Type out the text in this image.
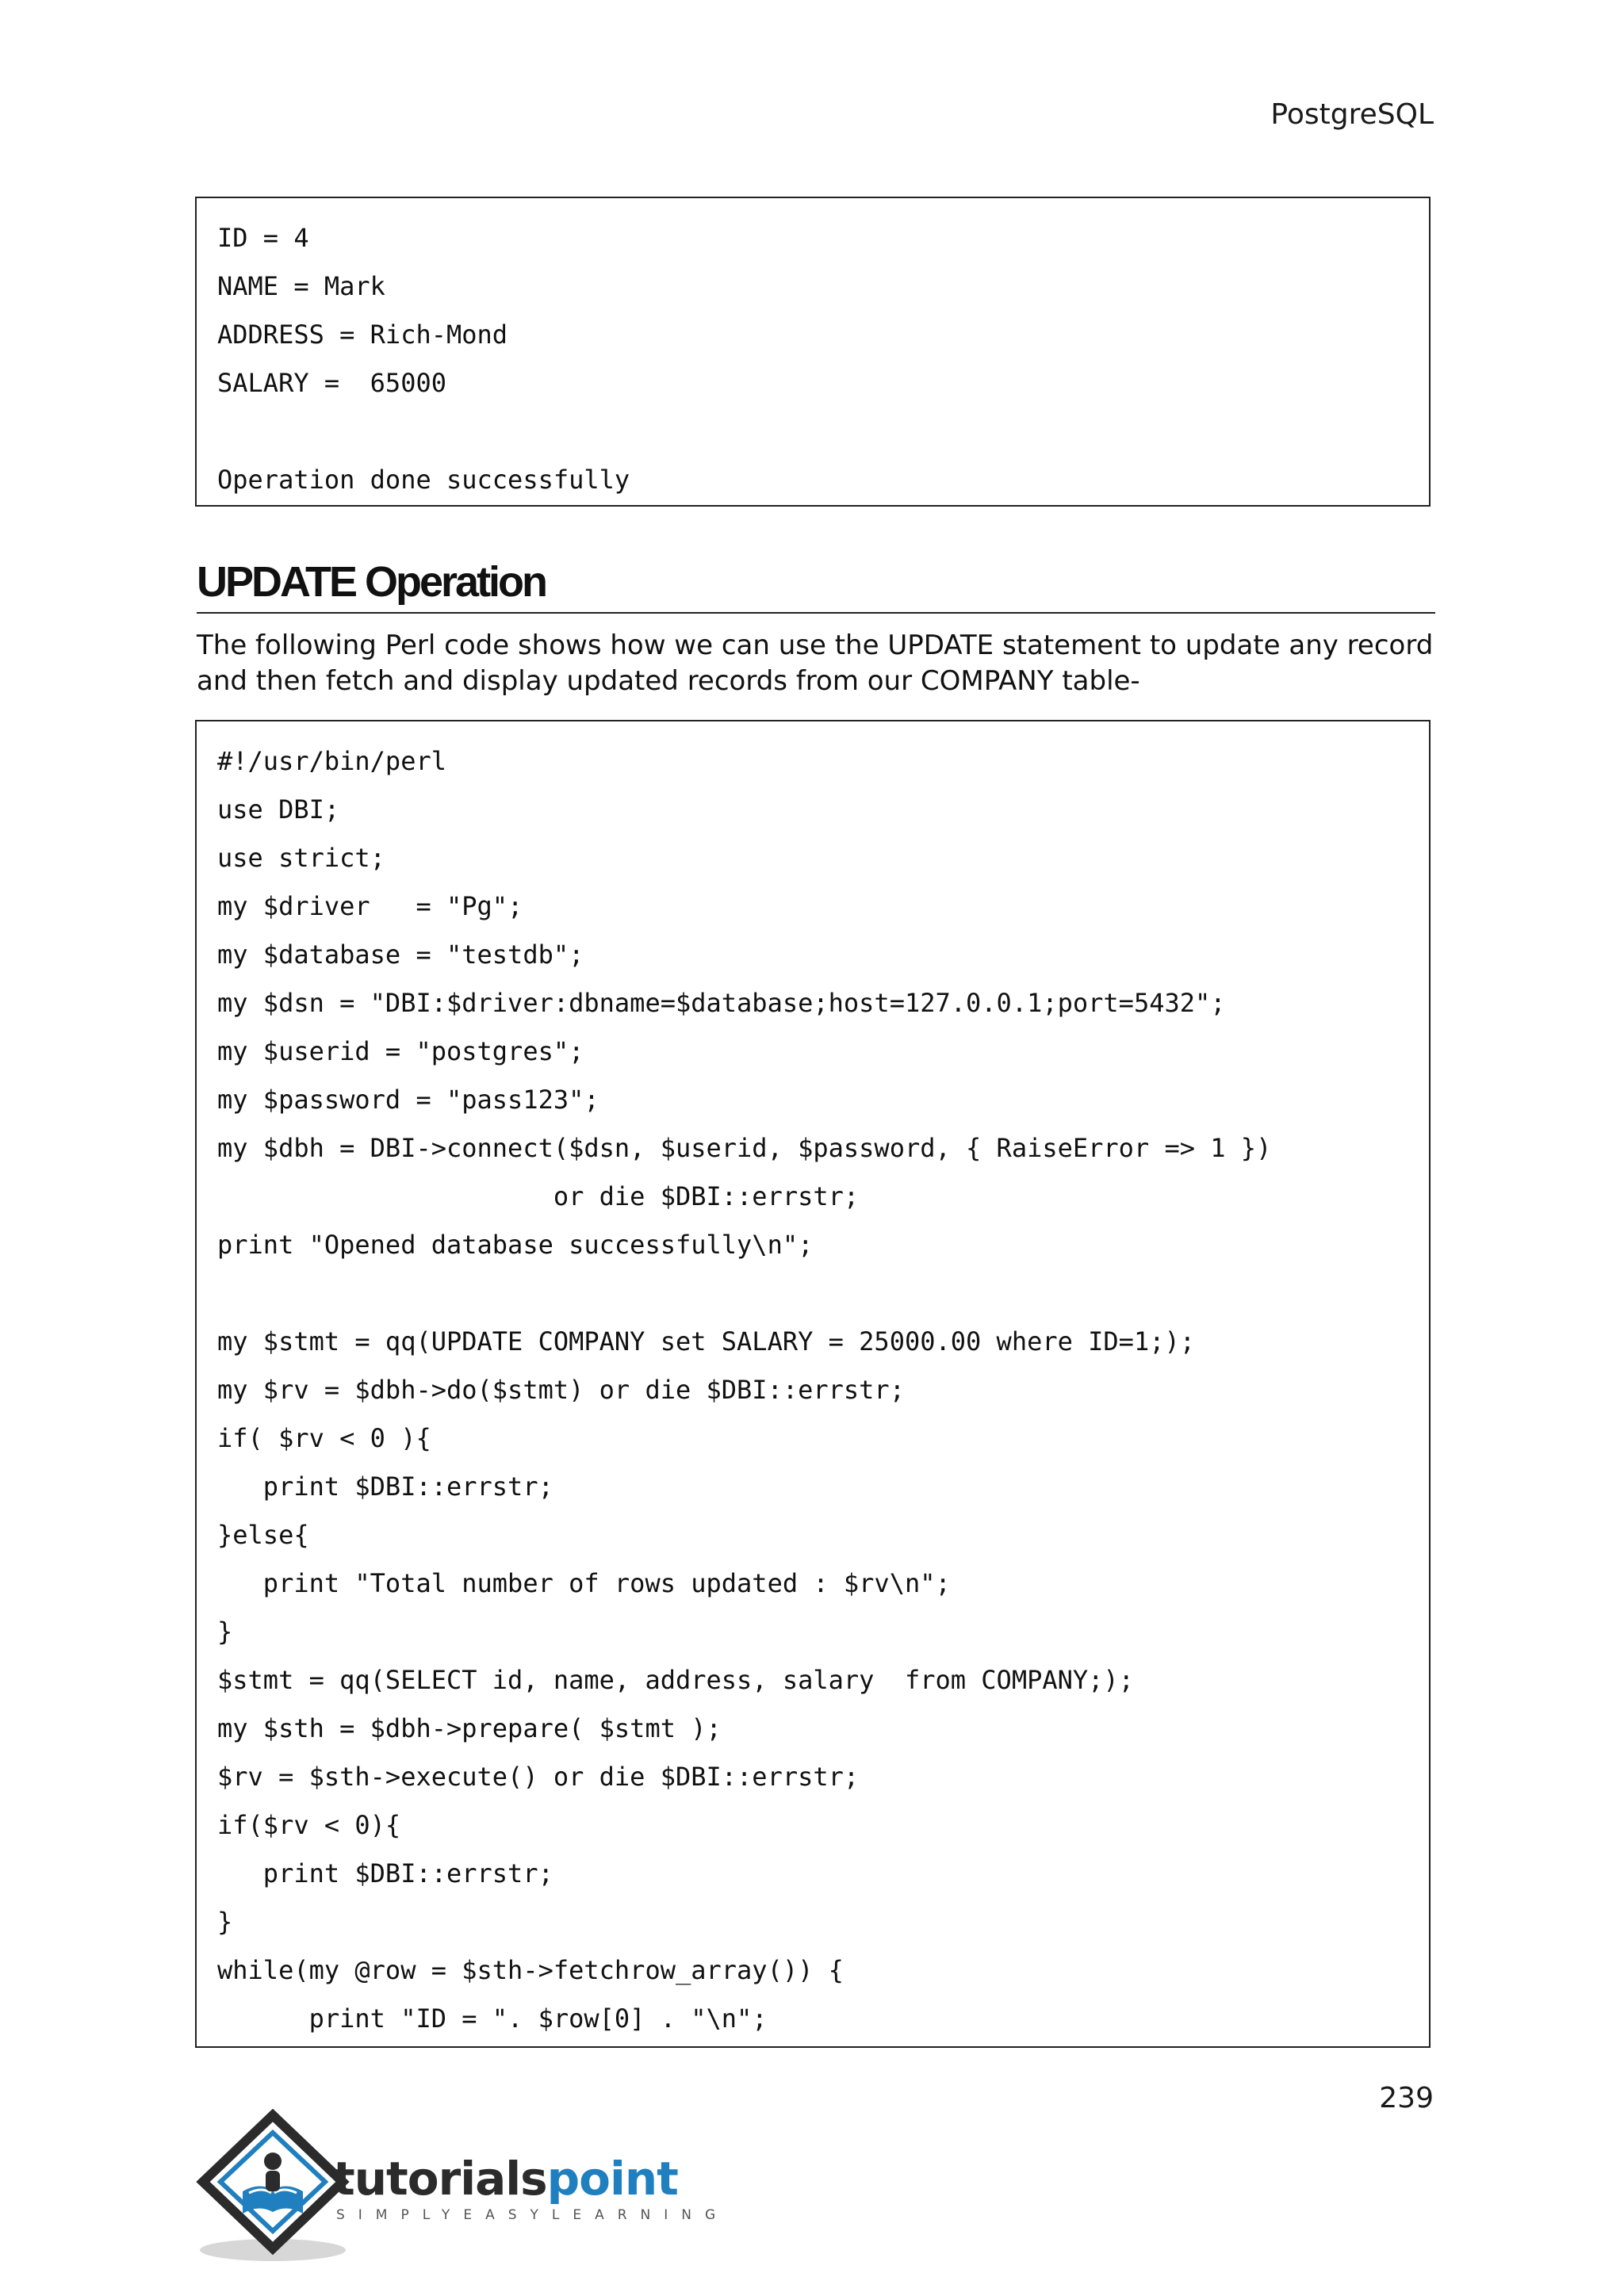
PostgreSQL
ID = 4
NAME = Mark
ADDRESS = Rich-Mond
SALARY =  65000
Operation done successfully
UPDATE Operation

The following Perl code shows how we can use the UPDATE statement to update any record and then fetch and display updated records from our COMPANY table-

#!/usr/bin/perl
use DBI;
use strict;
my $driver   = "Pg";
my $database = "testdb";
my $dsn = "DBI:$driver:dbname=$database;host=127.0.0.1;port=5432";
my $userid = "postgres";
my $password = "pass123";
my $dbh = DBI->connect($dsn, $userid, $password, { RaiseError => 1 })
or die $DBI::errstr;
print "Opened database successfully\n";
my $stmt = qq(UPDATE COMPANY set SALARY = 25000.00 where ID=1;);
my $rv = $dbh->do($stmt) or die $DBI::errstr;
if( $rv < 0 ){
print $DBI::errstr;
}else{
print "Total number of rows updated : $rv\n";
}
$stmt = qq(SELECT id, name, address, salary  from COMPANY;);
my $sth = $dbh->prepare( $stmt );
$rv = $sth->execute() or die $DBI::errstr;
if($rv < 0){
print $DBI::errstr;
}
while(my @row = $sth->fetchrow_array()) {
print "ID = ". $row[0] . "\n";
239
tutorialspoint
SIMPLYEASYLEARNING
